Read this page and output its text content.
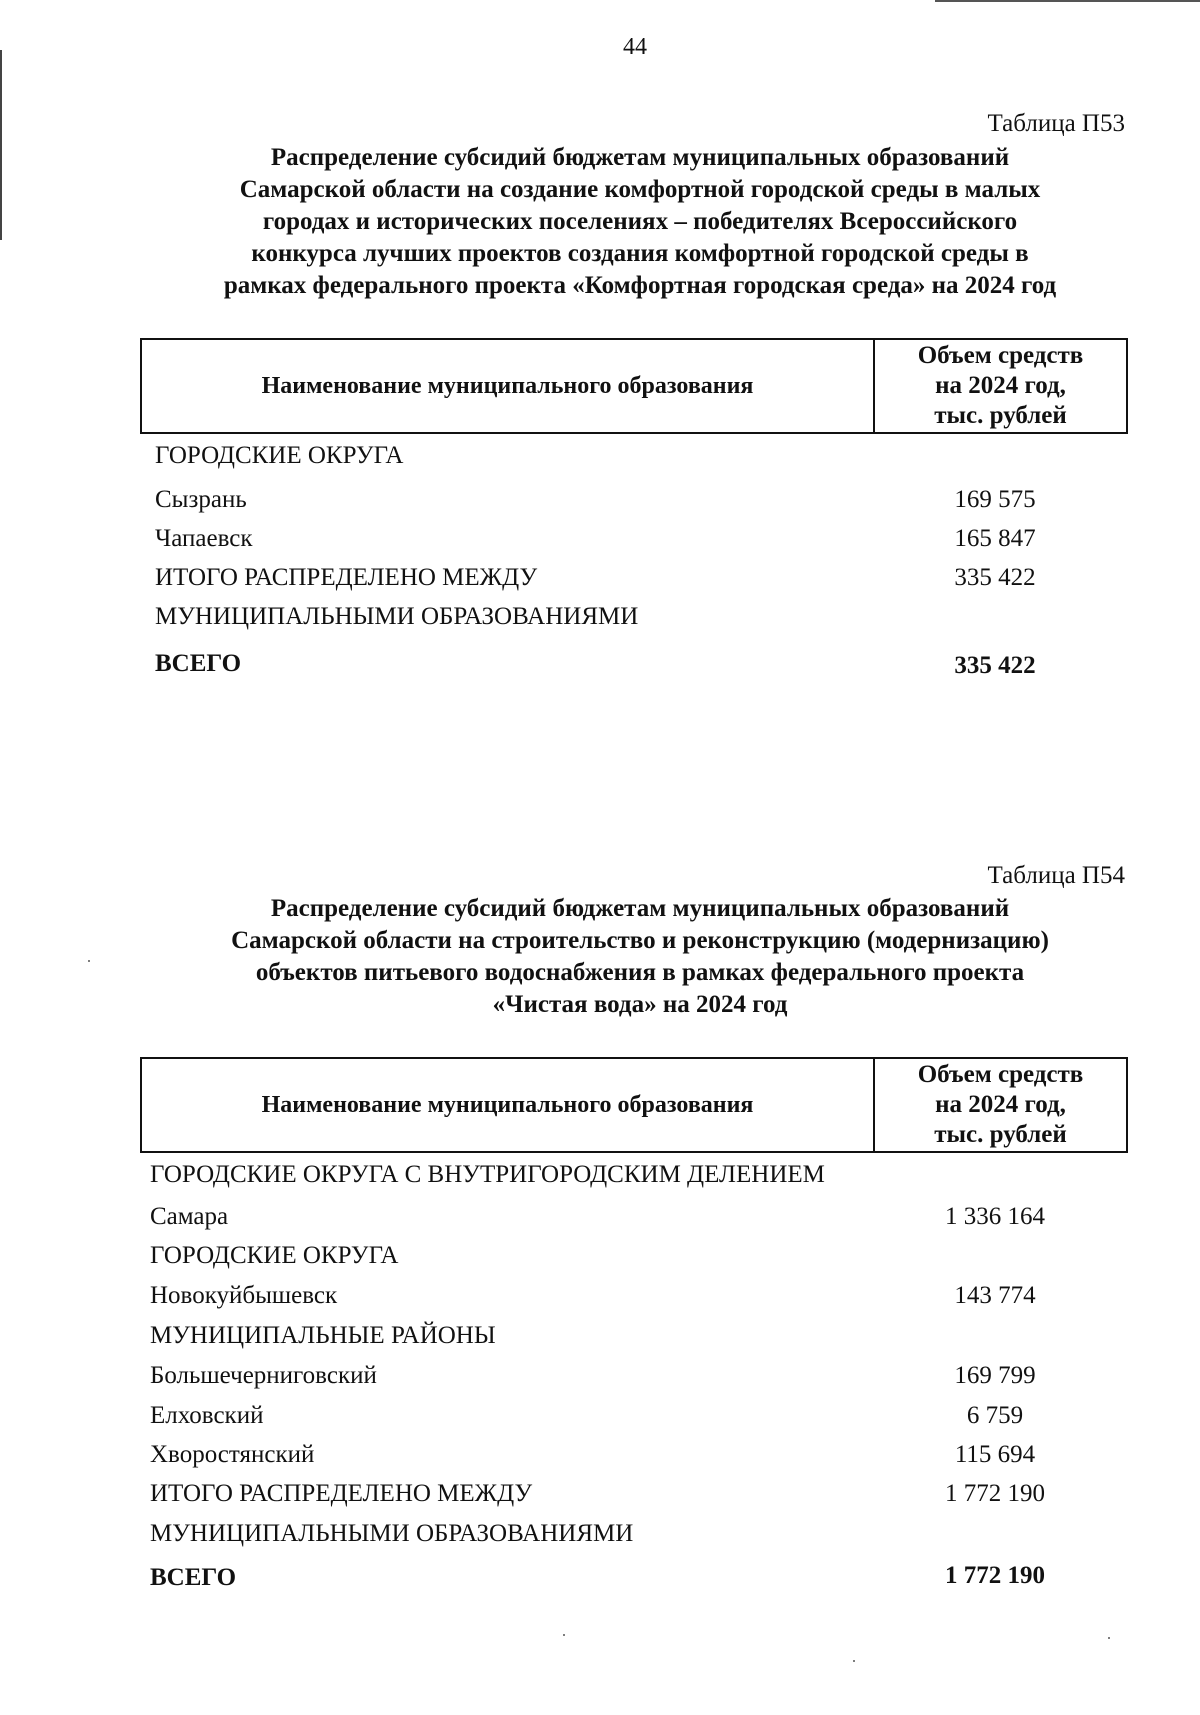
44
Таблица П53
Распределение субсидий бюджетам муниципальных образований
Самарской области на создание комфортной городской среды в малых
городах и исторических поселениях – победителях Всероссийского
конкурса лучших проектов создания комфортной городской среды в
рамках федерального проекта «Комфортная городская среда» на 2024 год
Наименование муниципального образования
Объем средств
на 2024 год,
тыс. рублей
ГОРОДСКИЕ ОКРУГА
Сызрань	169 575
Чапаевск	165 847
ИТОГО РАСПРЕДЕЛЕНО МЕЖДУ	335 422
МУНИЦИПАЛЬНЫМИ ОБРАЗОВАНИЯМИ
ВСЕГО	335 422
Таблица П54
Распределение субсидий бюджетам муниципальных образований
Самарской области на строительство и реконструкцию (модернизацию)
объектов питьевого водоснабжения в рамках федерального проекта
«Чистая вода» на 2024 год
Наименование муниципального образования
Объем средств
на 2024 год,
тыс. рублей
ГОРОДСКИЕ ОКРУГА С ВНУТРИГОРОДСКИМ ДЕЛЕНИЕМ
Самара	1 336 164
ГОРОДСКИЕ ОКРУГА
Новокуйбышевск	143 774
МУНИЦИПАЛЬНЫЕ РАЙОНЫ
Большечерниговский	169 799
Елховский	6 759
Хворостянский	115 694
ИТОГО РАСПРЕДЕЛЕНО МЕЖДУ	1 772 190
МУНИЦИПАЛЬНЫМИ ОБРАЗОВАНИЯМИ
ВСЕГО	1 772 190
